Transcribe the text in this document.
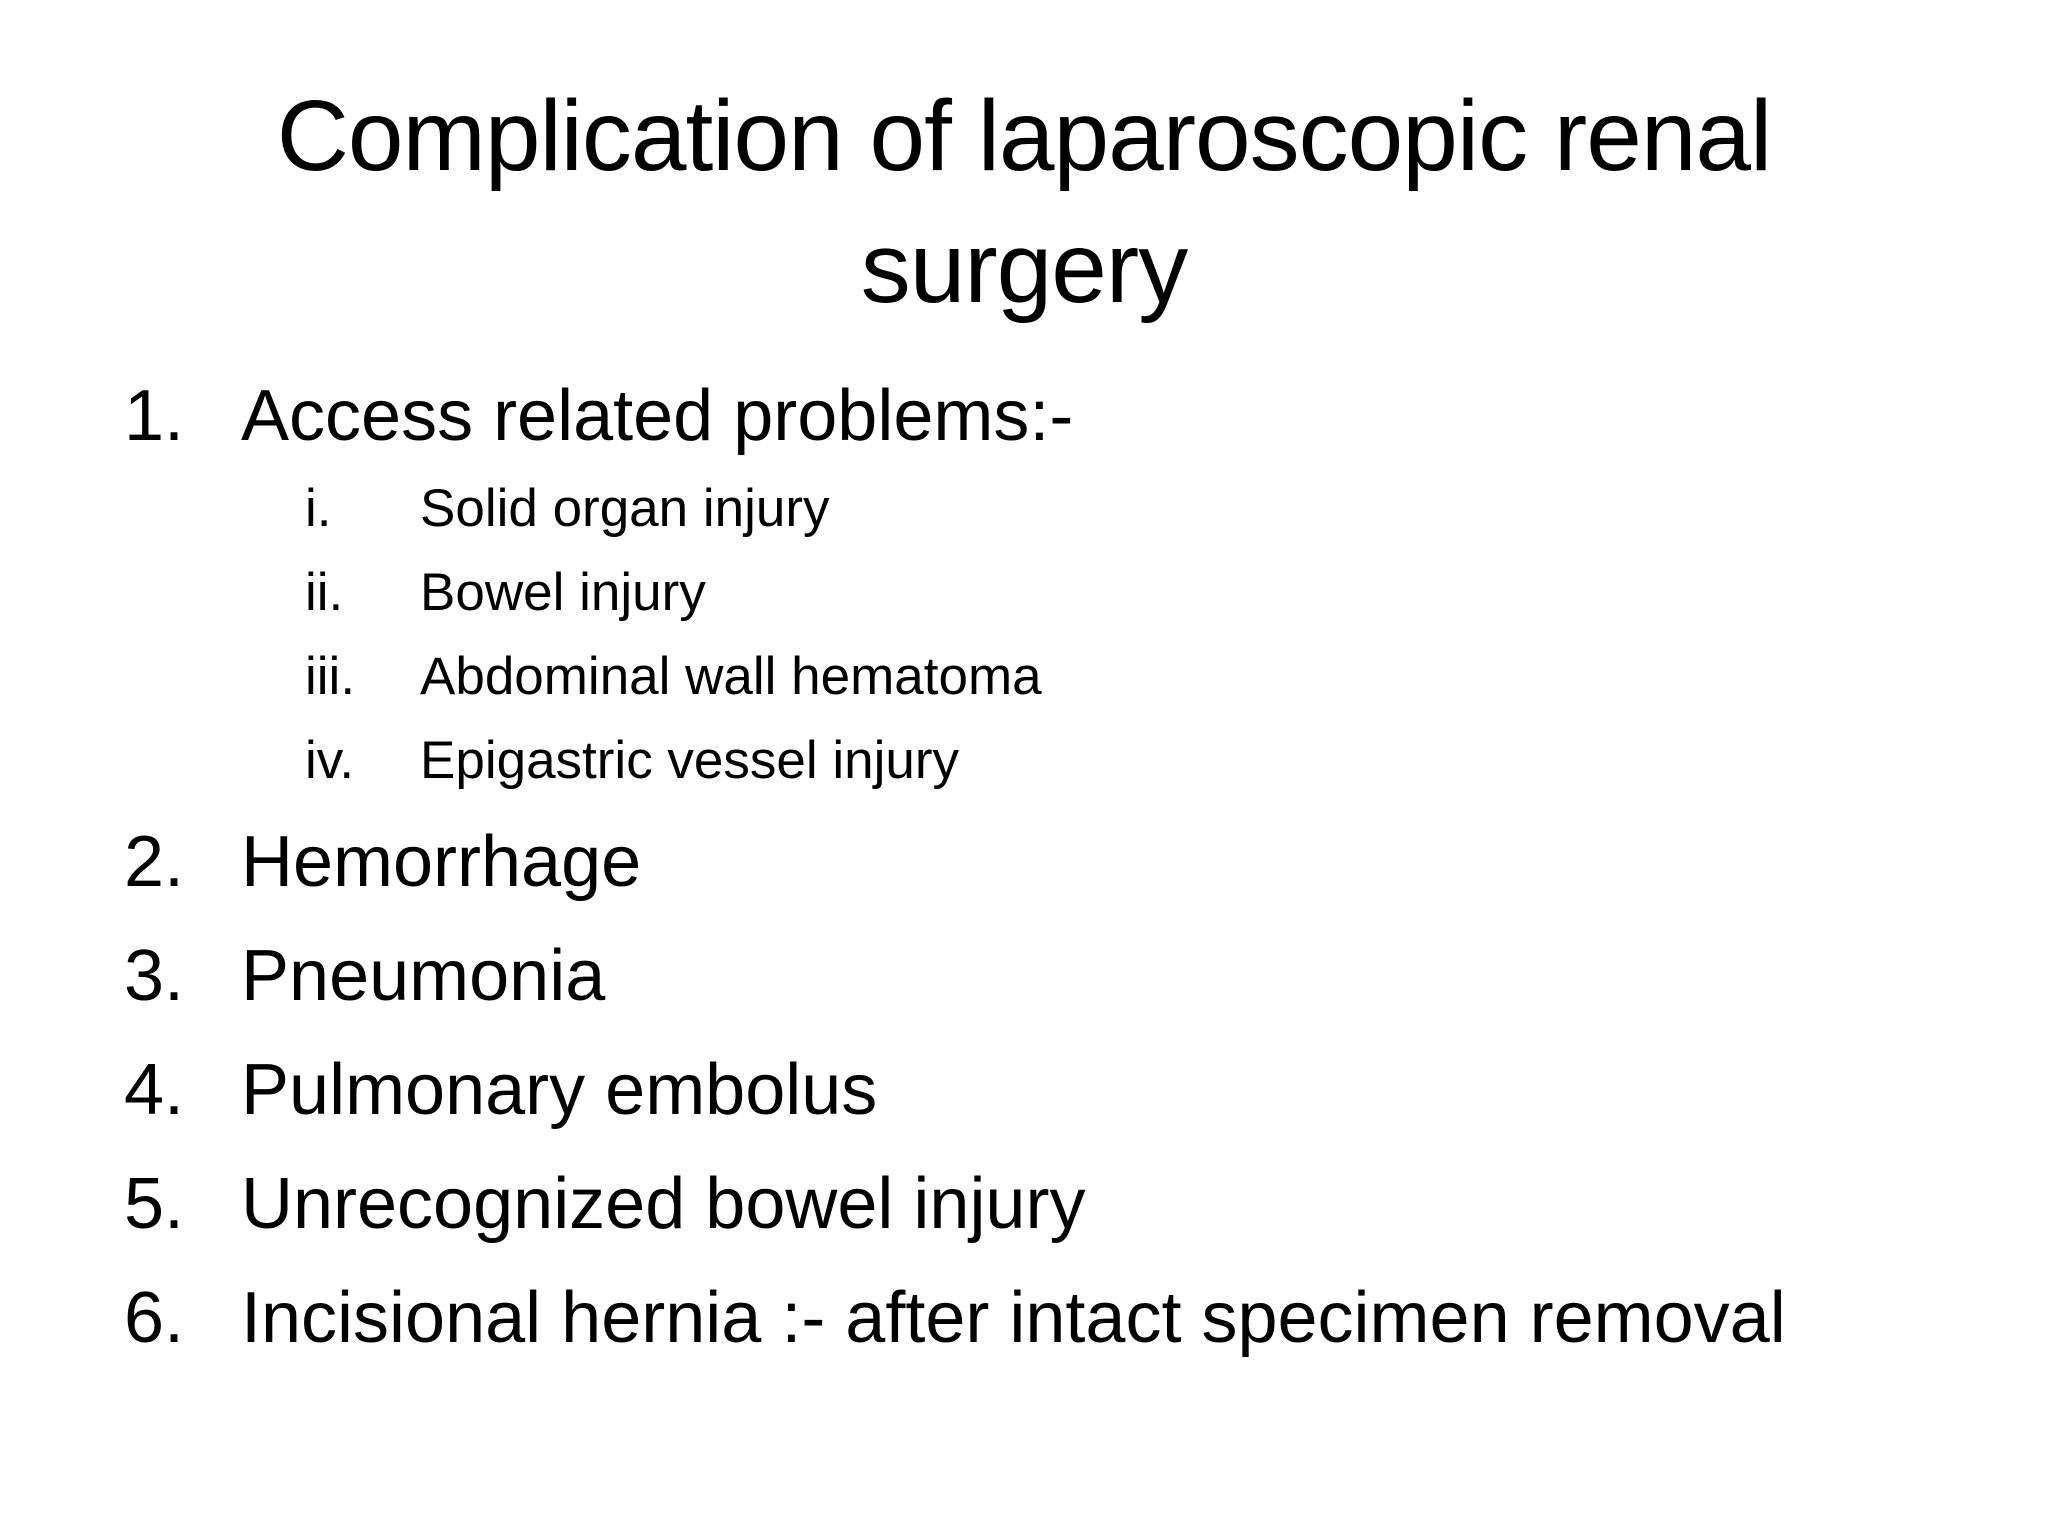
Complication of laparoscopic renal surgery
1. Access related problems:-
i.	Solid organ injury
ii.	Bowel injury
iii.	Abdominal wall hematoma
iv.	Epigastric vessel injury
2. Hemorrhage
3. Pneumonia
4. Pulmonary embolus
5. Unrecognized bowel injury
6. Incisional hernia :- after intact specimen removal
